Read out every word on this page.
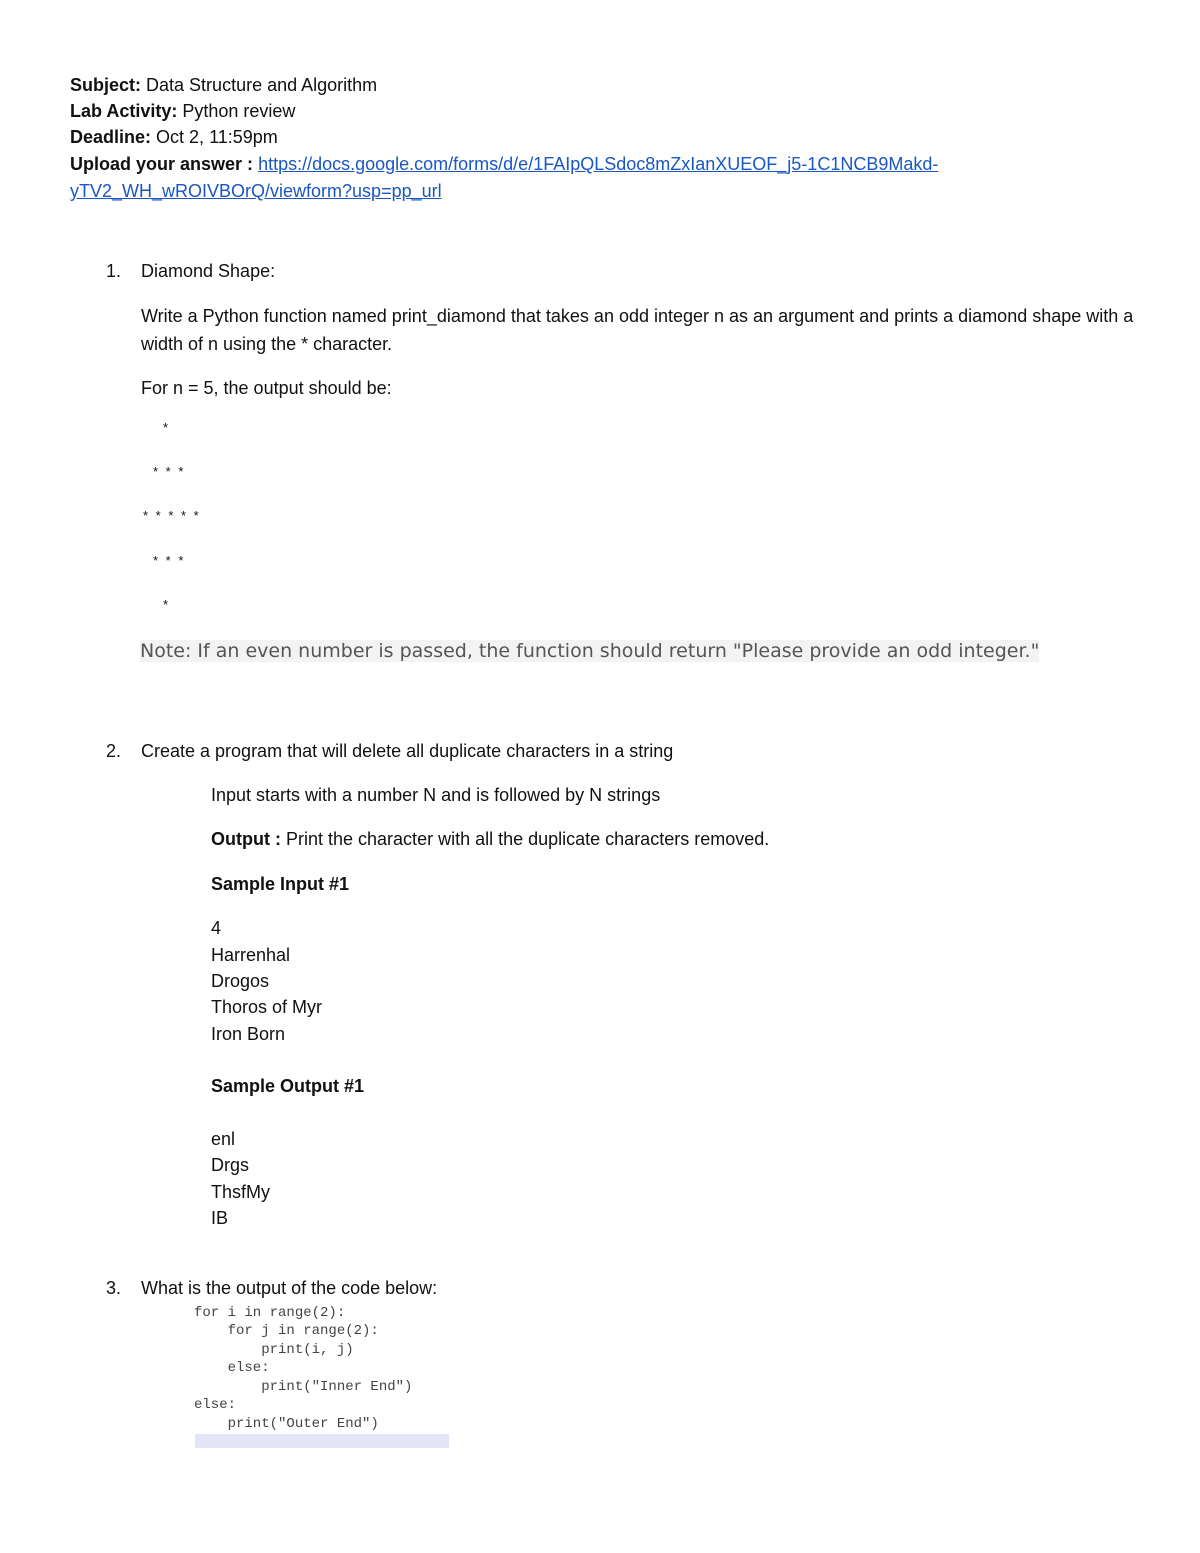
Subject: Data Structure and Algorithm
Lab Activity: Python review
Deadline: Oct 2, 11:59pm
Upload your answer : https://docs.google.com/forms/d/e/1FAIpQLSdoc8mZxIanXUEOF_j5-1C1NCB9Makd-
yTV2_WH_wROIVBOrQ/viewform?usp=pp_url
1. Diamond Shape:
Write a Python function named print_diamond that takes an odd integer n as an argument and prints a diamond shape with a width of n using the * character.
For n = 5, the output should be:
*
* * *
* * * * *
* * *
*
Note: If an even number is passed, the function should return "Please provide an odd integer."
2. Create a program that will delete all duplicate characters in a string
Input starts with a number N and is followed by N strings
Output : Print the character with all the duplicate characters removed.
Sample Input #1
4
Harrenhal
Drogos
Thoros of Myr
Iron Born
Sample Output #1
enl
Drgs
ThsfMy
IB
3. What is the output of the code below:
for i in range(2):
for j in range(2):
print(i, j)
else:
print("Inner End")
else:
print("Outer End")
